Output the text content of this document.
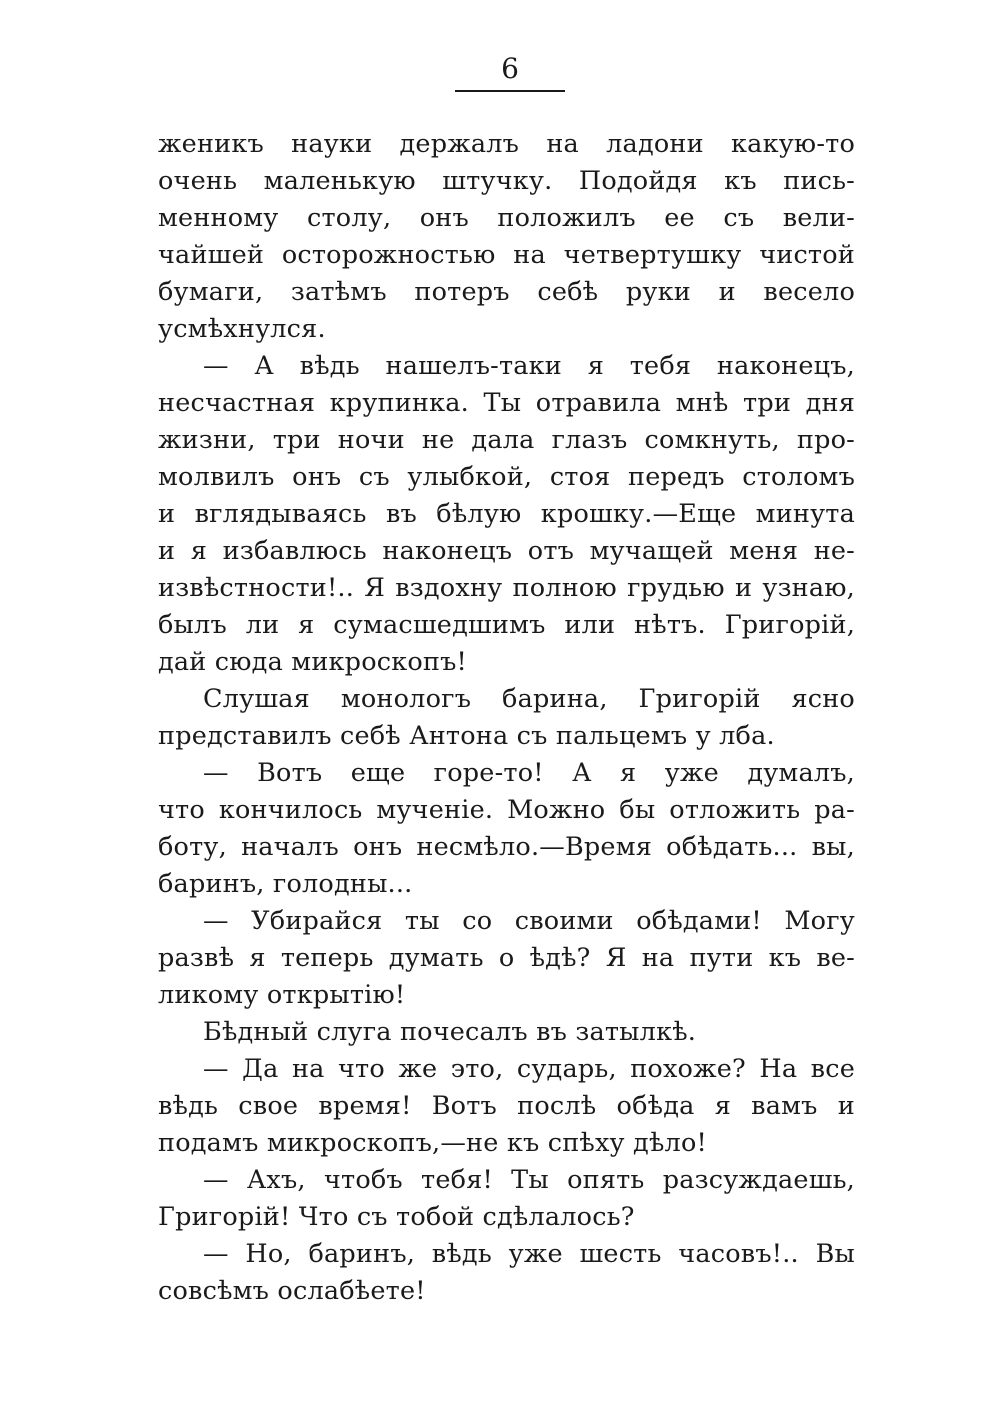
6
женикъ науки держалъ на ладони какую-то
очень маленькую штучку. Подойдя къ пись-
менному столу, онъ положилъ ее съ вели-
чайшей осторожностью на четвертушку чистой
бумаги, затѣмъ потеръ себѣ руки и весело
усмѣхнулся.
— А вѣдь нашелъ-таки я тебя наконецъ,
несчастная крупинка. Ты отравила мнѣ три дня
жизни, три ночи не дала глазъ сомкнуть, про-
молвилъ онъ съ улыбкой, стоя передъ столомъ
и вглядываясь въ бѣлую крошку.—Еще минута
и я избавлюсь наконецъ отъ мучащей меня не-
извѣстности!.. Я вздохну полною грудью и узнаю,
былъ ли я сумасшедшимъ или нѣтъ. Григорій,
дай сюда микроскопъ!
Слушая монологъ барина, Григорій ясно
представилъ себѣ Антона съ пальцемъ у лба.
— Вотъ еще горе-то! А я уже думалъ,
что кончилось мученіе. Можно бы отложить ра-
боту, началъ онъ несмѣло.—Время обѣдать... вы,
баринъ, голодны...
— Убирайся ты со своими обѣдами! Могу
развѣ я теперь думать о ѣдѣ? Я на пути къ ве-
ликому открытію!
Бѣдный слуга почесалъ въ затылкѣ.
— Да на что же это, сударь, похоже? На все
вѣдь свое время! Вотъ послѣ обѣда я вамъ и
подамъ микроскопъ,—не къ спѣху дѣло!
— Ахъ, чтобъ тебя! Ты опять разсуждаешь,
Григорій! Что съ тобой сдѣлалось?
— Но, баринъ, вѣдь уже шесть часовъ!.. Вы
совсѣмъ ослабѣете!
